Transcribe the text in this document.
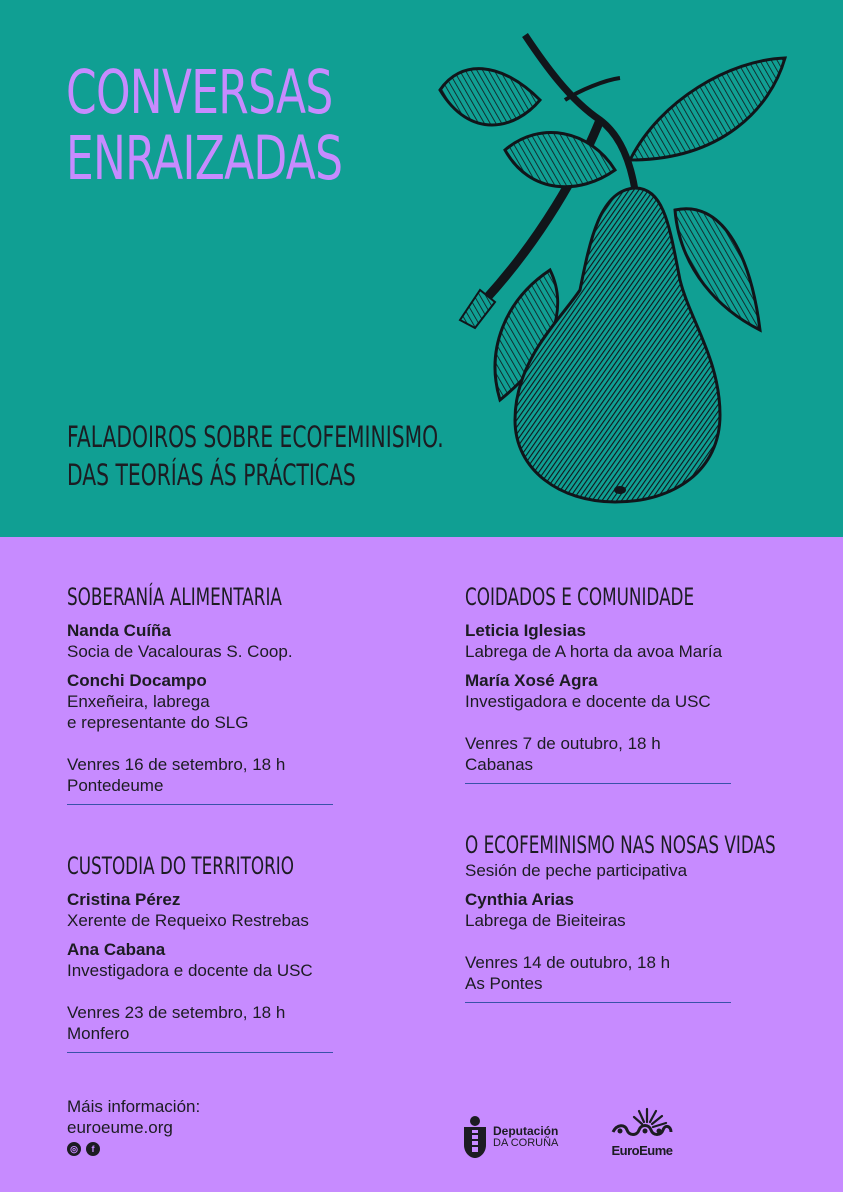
CONVERSAS
ENRAIZADAS
FALADOIROS SOBRE ECOFEMINISMO.
DAS TEORÍAS ÁS PRÁCTICAS
SOBERANÍA ALIMENTARIA
Nanda Cuíña
Socia de Vacalouras S. Coop.
Conchi Docampo
Enxeñeira, labrega
e representante do SLG
Venres 16 de setembro, 18 h
Pontedeume
CUSTODIA DO TERRITORIO
Cristina Pérez
Xerente de Requeixo Restrebas
Ana Cabana
Investigadora e docente da USC
Venres 23 de setembro, 18 h
Monfero
COIDADOS E COMUNIDADE
Leticia Iglesias
Labrega de A horta da avoa María
María Xosé Agra
Investigadora e docente da USC
Venres 7 de outubro, 18 h
Cabanas
O ECOFEMINISMO NAS NOSAS VIDAS
Sesión de peche participativa
Cynthia Arias
Labrega de Bieiteiras
Venres 14 de outubro, 18 h
As Pontes
Máis información:
euroeume.org
◎	f
Deputación
DA CORUÑA	EuroEume
